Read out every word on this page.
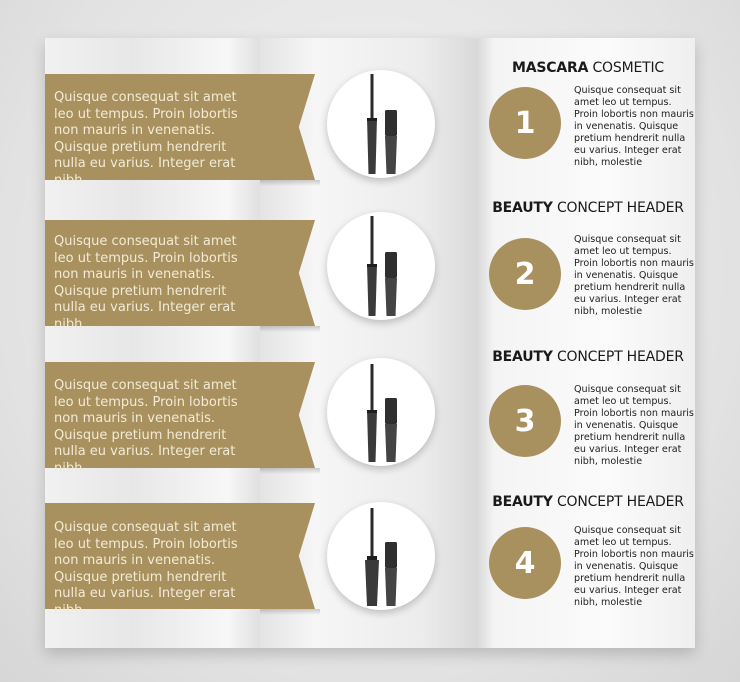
Quisque consequat sit amet leo ut tempus. Proin lobortis non mauris in venenatis. Quisque pretium hendrerit nulla eu varius. Integer erat nibh.
MASCARA COSMETIC
1
Quisque consequat sit amet leo ut tempus. Proin lobortis non mauris in venenatis. Quisque pretium hendrerit nulla eu varius. Integer erat nibh, molestie
Quisque consequat sit amet leo ut tempus. Proin lobortis non mauris in venenatis. Quisque pretium hendrerit nulla eu varius. Integer erat nibh.
BEAUTY CONCEPT HEADER
2
Quisque consequat sit amet leo ut tempus. Proin lobortis non mauris in venenatis. Quisque pretium hendrerit nulla eu varius. Integer erat nibh, molestie
Quisque consequat sit amet leo ut tempus. Proin lobortis non mauris in venenatis. Quisque pretium hendrerit nulla eu varius. Integer erat nibh.
BEAUTY CONCEPT HEADER
3
Quisque consequat sit amet leo ut tempus. Proin lobortis non mauris in venenatis. Quisque pretium hendrerit nulla eu varius. Integer erat nibh, molestie
Quisque consequat sit amet leo ut tempus. Proin lobortis non mauris in venenatis. Quisque pretium hendrerit nulla eu varius. Integer erat nibh.
BEAUTY CONCEPT HEADER
4
Quisque consequat sit amet leo ut tempus. Proin lobortis non mauris in venenatis. Quisque pretium hendrerit nulla eu varius. Integer erat nibh, molestie
